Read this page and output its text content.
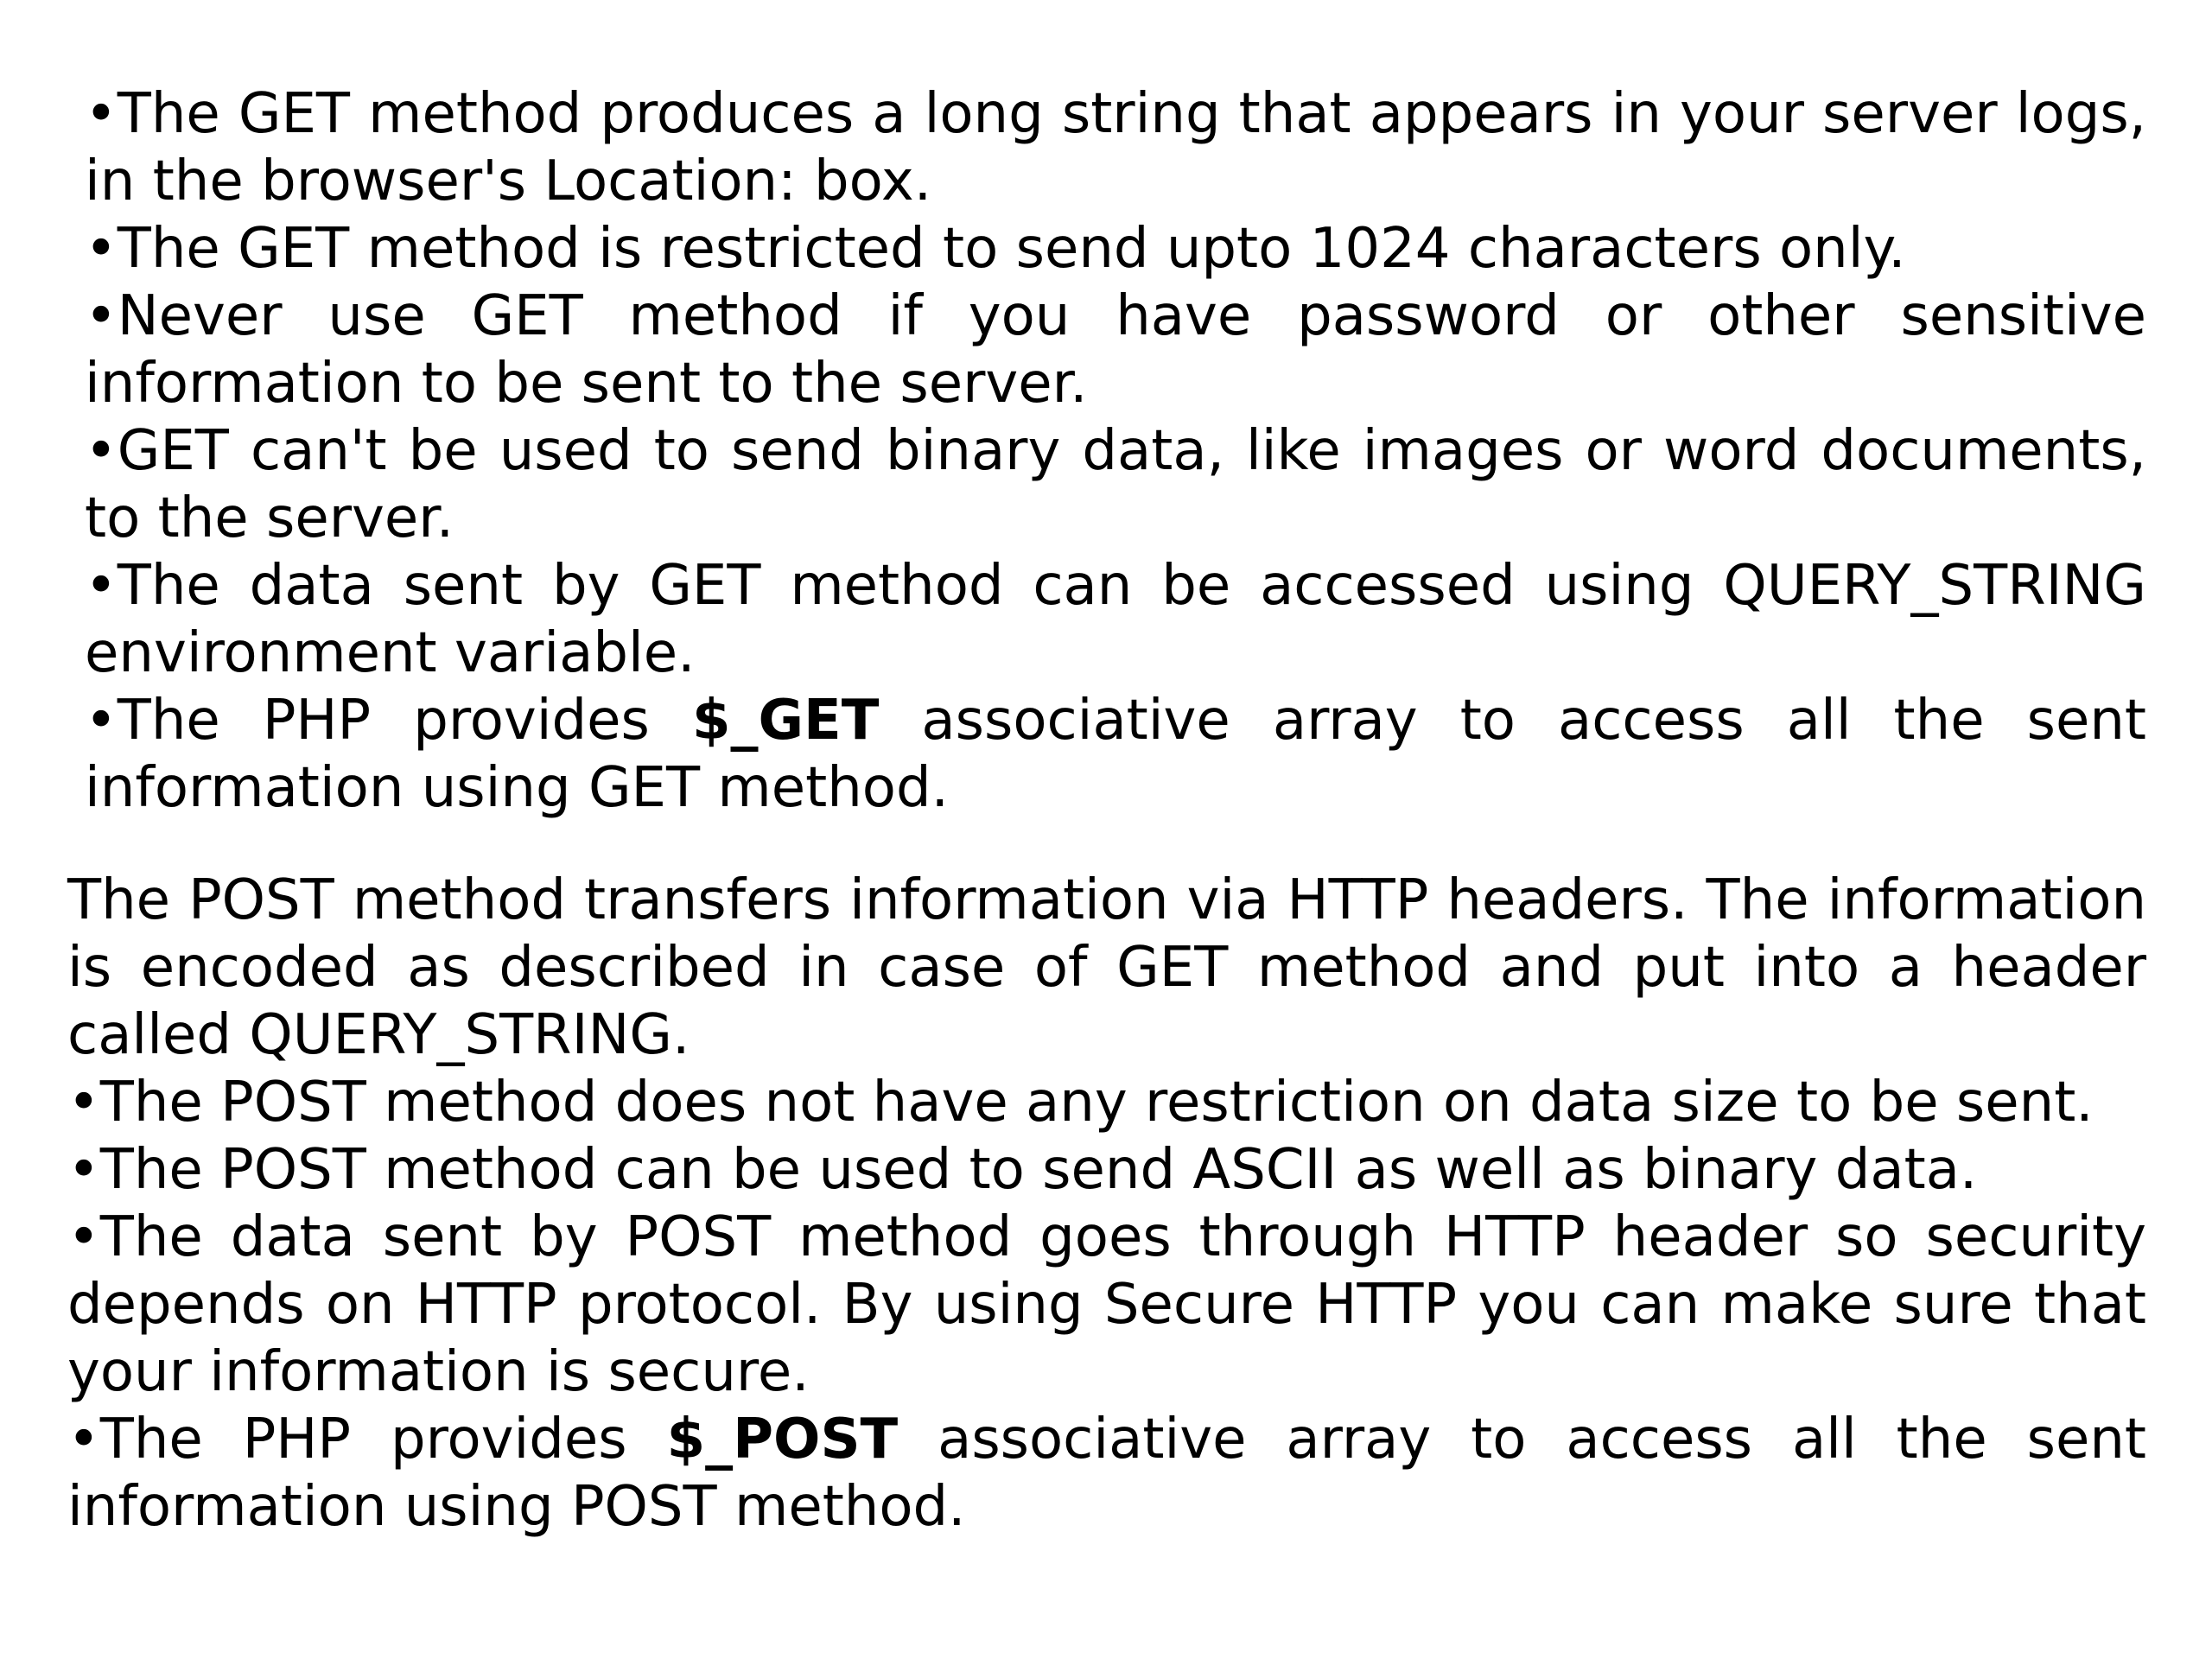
•The GET method produces a long string that appears in your server logs, in the browser's Location: box.

•The GET method is restricted to send upto 1024 characters only.

•Never use GET method if you have password or other sensitive information to be sent to the server.

•GET can't be used to send binary data, like images or word documents, to the server.

•The data sent by GET method can be accessed using QUERY_STRING environment variable.

•The PHP provides $_GET associative array to access all the sent information using GET method.

The POST method transfers information via HTTP headers. The information is encoded as described in case of GET method and put into a header called QUERY_STRING.

•The POST method does not have any restriction on data size to be sent.

•The POST method can be used to send ASCII as well as binary data.

•The data sent by POST method goes through HTTP header so security depends on HTTP protocol. By using Secure HTTP you can make sure that your information is secure.

•The PHP provides $_POST associative array to access all the sent information using POST method.
